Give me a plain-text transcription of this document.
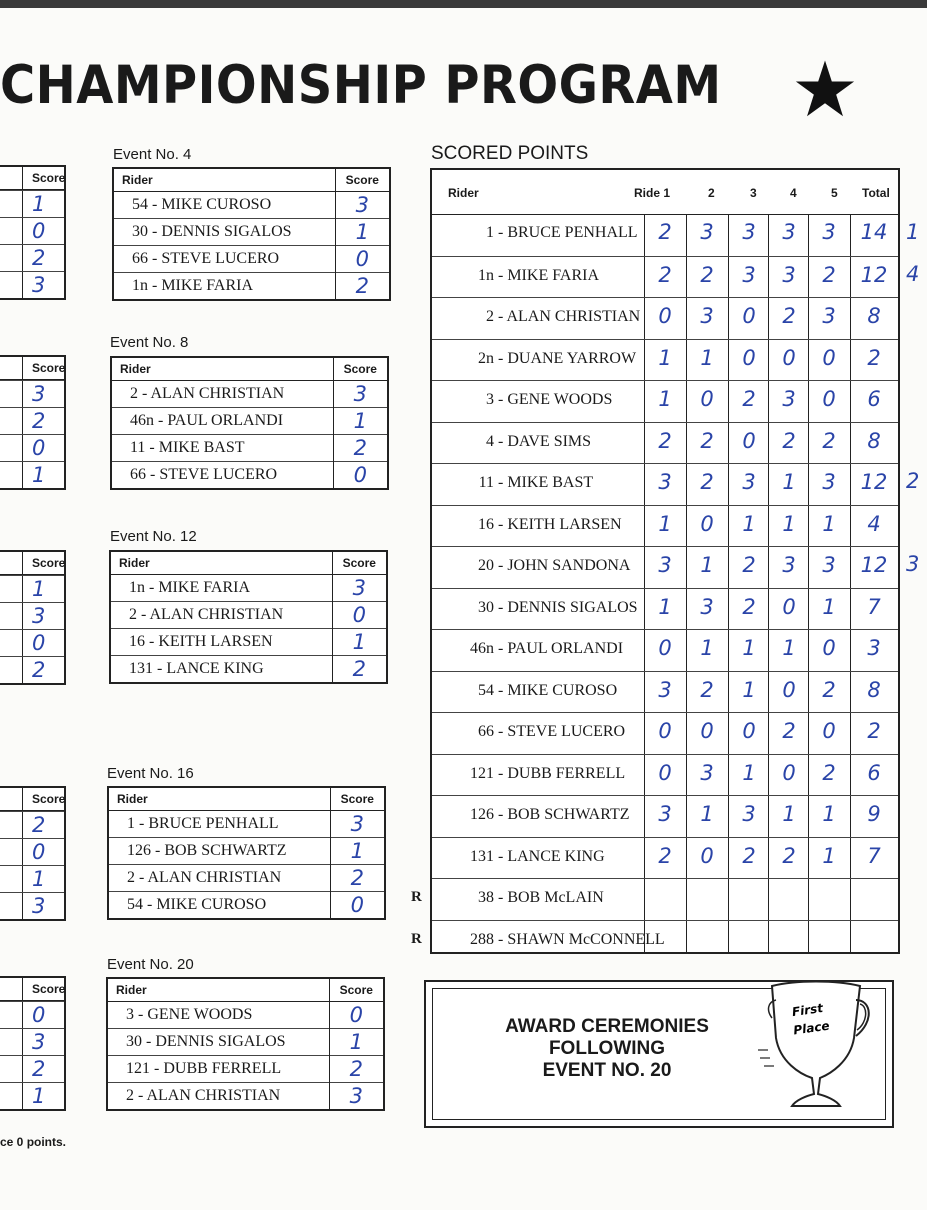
CHAMPIONSHIP PROGRAM
Score
1
0
2
3
Score
3
2
0
1
Score
1
3
0
2
Score
2
0
1
3
Score
0
3
2
1
Event No. 4
Rider	Score
54 - MIKE CUROSO	3
30 - DENNIS SIGALOS	1
66 - STEVE LUCERO	0
1n - MIKE FARIA	2
Event No. 8
Rider	Score
2 - ALAN CHRISTIAN	3
46n - PAUL ORLANDI	1
11 - MIKE BAST	2
66 - STEVE LUCERO	0
Event No. 12
Rider	Score
1n - MIKE FARIA	3
2 - ALAN CHRISTIAN	0
16 - KEITH LARSEN	1
131 - LANCE KING	2
Event No. 16
Rider	Score
1 - BRUCE PENHALL	3
126 - BOB SCHWARTZ	1
2 - ALAN CHRISTIAN	2
54 - MIKE CUROSO	0
Event No. 20
Rider	Score
3 - GENE WOODS	0
30 - DENNIS SIGALOS	1
121 - DUBB FERRELL	2
2 - ALAN CHRISTIAN	3
SCORED POINTS
Rider	Ride 1	2	3	4	5 Total
1 - BRUCE PENHALL 2	3	3	3	3	14
1n - MIKE FARIA	2	2	3	3	2	12
2 - ALAN CHRISTIAN 0	3	0	2	3	8
2n - DUANE YARROW	1	1	0	0	0	2
3 - GENE WOODS	1	0	2	3	0	6
4 - DAVE SIMS	2	2	0	2	2	8
11 - MIKE BAST	3	2	3	1	3	12
16 - KEITH LARSEN	1	0	1	1	1	4
20 - JOHN SANDONA	3	1	2	3	3	12
30 - DENNIS SIGALOS 1	3	2	0	1	7
46n - PAUL ORLANDI	0	1	1	1	0	3
54 - MIKE CUROSO	3	2	1	0	2	8
66 - STEVE LUCERO	0	0	0	2	0	2
121 - DUBB FERRELL	0	3	1	0	2	6
126 - BOB SCHWARTZ	3	1	3	1	1	9
131 - LANCE KING	2	0	2	2	1	7
38 - BOB McLAIN
288 - SHAWN McCONNELL
AWARD CEREMONIES
FOLLOWING
EVENT NO. 20
First
Place
ce 0 points.
1
4
2
3
R
R
